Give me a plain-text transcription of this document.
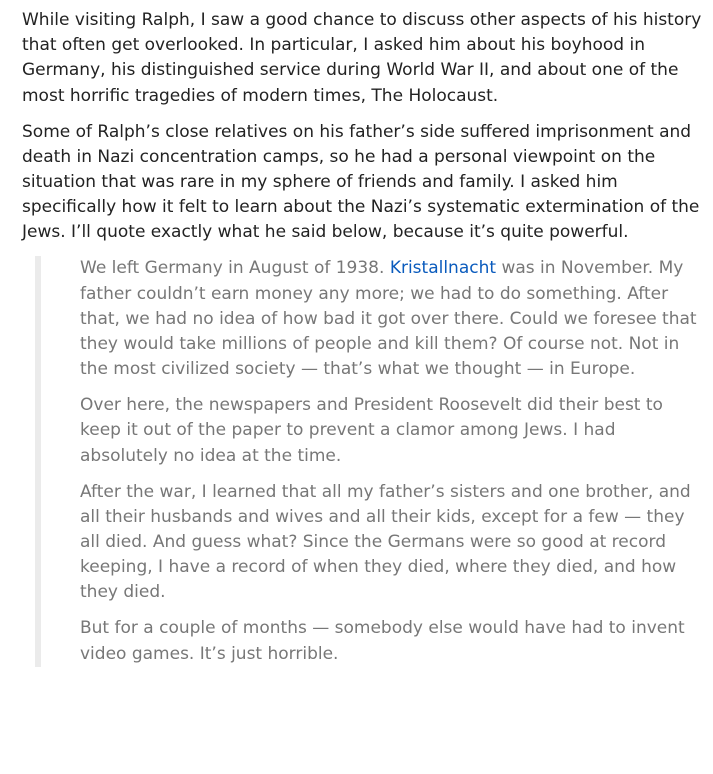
While visiting Ralph, I saw a good chance to discuss other aspects of his history that often get overlooked. In particular, I asked him about his boyhood in Germany, his distinguished service during World War II, and about one of the most horrific tragedies of modern times, The Holocaust.

Some of Ralph’s close relatives on his father’s side suffered imprisonment and death in Nazi concentration camps, so he had a personal viewpoint on the situation that was rare in my sphere of friends and family. I asked him specifically how it felt to learn about the Nazi’s systematic extermination of the Jews. I’ll quote exactly what he said below, because it’s quite powerful.

We left Germany in August of 1938. Kristallnacht was in November. My father couldn’t earn money any more; we had to do something. After that, we had no idea of how bad it got over there. Could we foresee that they would take millions of people and kill them? Of course not. Not in the most civilized society — that’s what we thought — in Europe.

Over here, the newspapers and President Roosevelt did their best to keep it out of the paper to prevent a clamor among Jews. I had absolutely no idea at the time.

After the war, I learned that all my father’s sisters and one brother, and all their husbands and wives and all their kids, except for a few — they all died. And guess what? Since the Germans were so good at record keeping, I have a record of when they died, where they died, and how they died.

But for a couple of months — somebody else would have had to invent video games. It’s just horrible.
